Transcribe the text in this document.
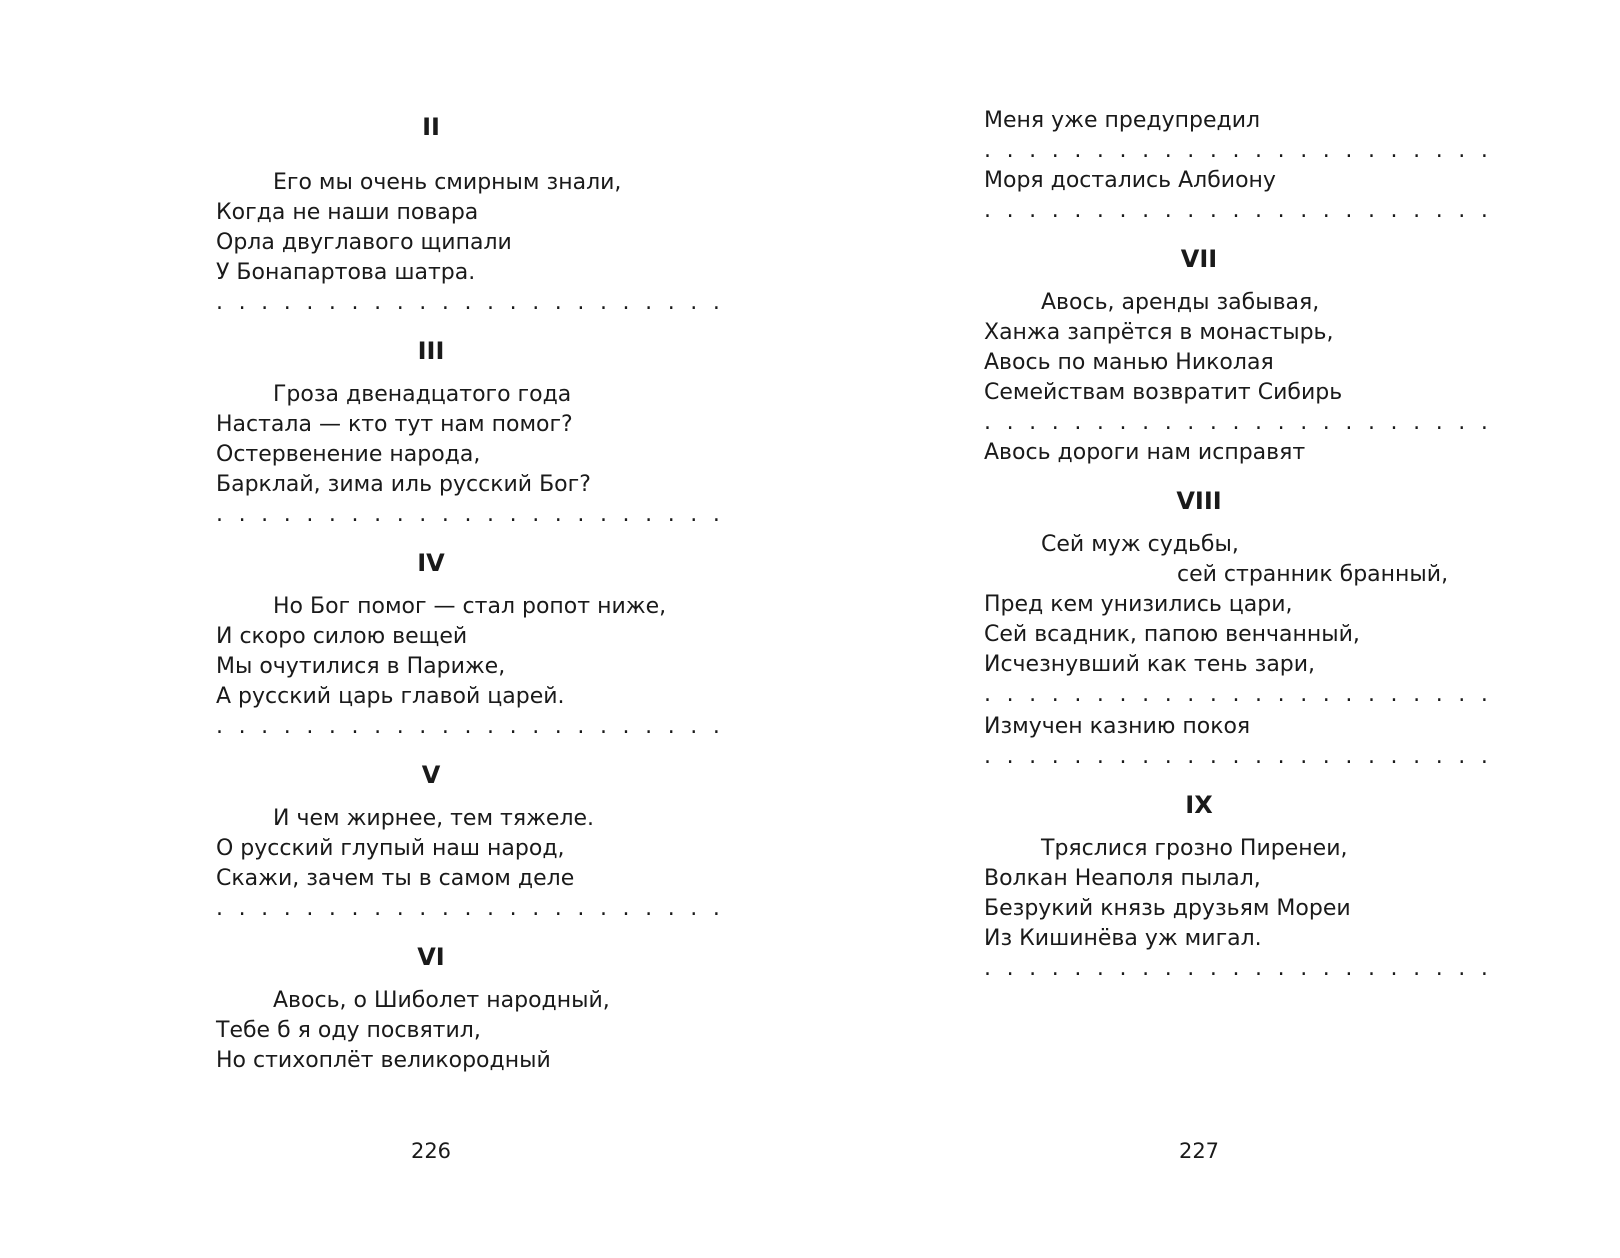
II
Его мы очень смирным знали,
Когда не наши повара
Орла двуглавого щипали
У Бонапартова шатра.
. . . . . . . . . . . . . . . . . . . . . . .
III
Гроза двенадцатого года
Настала — кто тут нам помог?
Остервенение народа,
Барклай, зима иль русский Бог?
. . . . . . . . . . . . . . . . . . . . . . .
IV
Но Бог помог — стал ропот ниже,
И скоро силою вещей
Мы очутилися в Париже,
А русский царь главой царей.
. . . . . . . . . . . . . . . . . . . . . . .
V
И чем жирнее, тем тяжеле.
О русский глупый наш народ,
Скажи, зачем ты в самом деле
. . . . . . . . . . . . . . . . . . . . . . .
VI
Авось, о Шиболет народный,
Тебе б я оду посвятил,
Но стихоплёт великородный
226
Меня уже предупредил
. . . . . . . . . . . . . . . . . . . . . . .
Моря достались Албиону
. . . . . . . . . . . . . . . . . . . . . . .
VII
Авось, аренды забывая,
Ханжа запрётся в монастырь,
Авось по манью Николая
Семействам возвратит Сибирь
. . . . . . . . . . . . . . . . . . . . . . .
Авось дороги нам исправят
VIII
Сей муж судьбы,
сей странник бранный,
Пред кем унизились цари,
Сей всадник, папою венчанный,
Исчезнувший как тень зари,
. . . . . . . . . . . . . . . . . . . . . . .
Измучен казнию покоя
. . . . . . . . . . . . . . . . . . . . . . .
IX
Тряслися грозно Пиренеи,
Волкан Неаполя пылал,
Безрукий князь друзьям Мореи
Из Кишинёва уж мигал.
. . . . . . . . . . . . . . . . . . . . . . .
227
